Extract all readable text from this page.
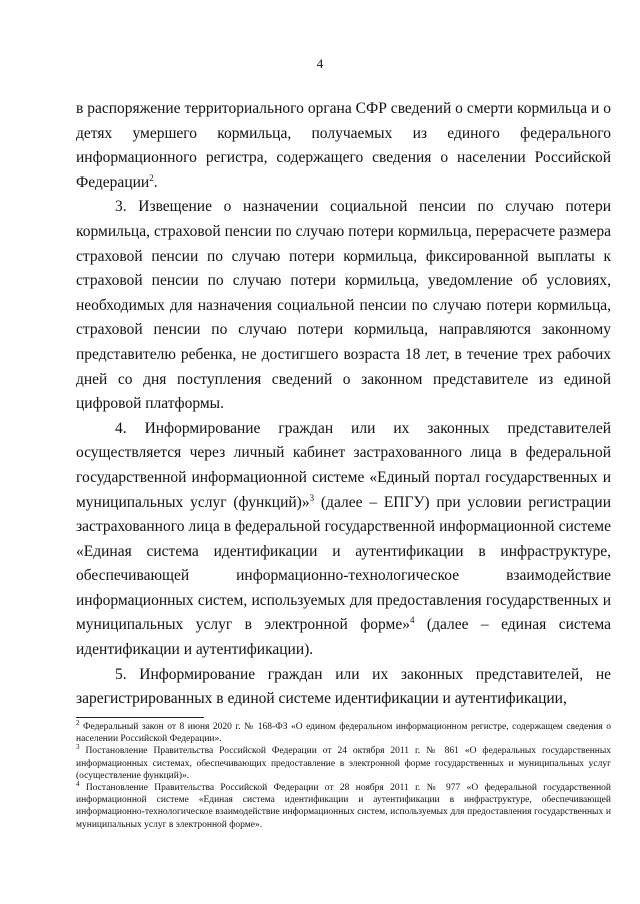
4

в распоряжение территориального органа СФР сведений о смерти кормильца и о детях умершего кормильца, получаемых из единого федерального информационного регистра, содержащего сведения о населении Российской Федерации$^2$.

3. Извещение о назначении социальной пенсии по случаю потери кормильца, страховой пенсии по случаю потери кормильца, перерасчете размера страховой пенсии по случаю потери кормильца, фиксированной выплаты к страховой пенсии по случаю потери кормильца, уведомление об условиях, необходимых для назначения социальной пенсии по случаю потери кормильца, страховой пенсии по случаю потери кормильца, направляются законному представителю ребенка, не достигшего возраста 18 лет, в течение трех рабочих дней со дня поступления сведений о законном представителе из единой цифровой платформы.

4. Информирование граждан или их законных представителей осуществляется через личный кабинет застрахованного лица в федеральной государственной информационной системе «Единый портал государственных и муниципальных услуг (функций)»$^3$ (далее – ЕПГУ) при условии регистрации застрахованного лица в федеральной государственной информационной системе «Единая система идентификации и аутентификации в инфраструктуре, обеспечивающей информационно-технологическое взаимодействие информационных систем, используемых для предоставления государственных и муниципальных услуг в электронной форме»$^4$ (далее – единая система идентификации и аутентификации).

5. Информирование граждан или их законных представителей, не зарегистрированных в единой системе идентификации и аутентификации,

$^2$ Федеральный закон от 8 июня 2020 г. № 168-ФЗ «О едином федеральном информационном регистре, содержащем сведения о населении Российской Федерации».

$^3$ Постановление Правительства Российской Федерации от 24 октября 2011 г. № 861 «О федеральных государственных информационных системах, обеспечивающих предоставление в электронной форме государственных и муниципальных услуг (осуществление функций)».

$^4$ Постановление Правительства Российской Федерации от 28 ноября 2011 г. № 977 «О федеральной государственной информационной системе «Единая система идентификации и аутентификации в инфраструктуре, обеспечивающей информационно-технологическое взаимодействие информационных систем, используемых для предоставления государственных и муниципальных услуг в электронной форме».
